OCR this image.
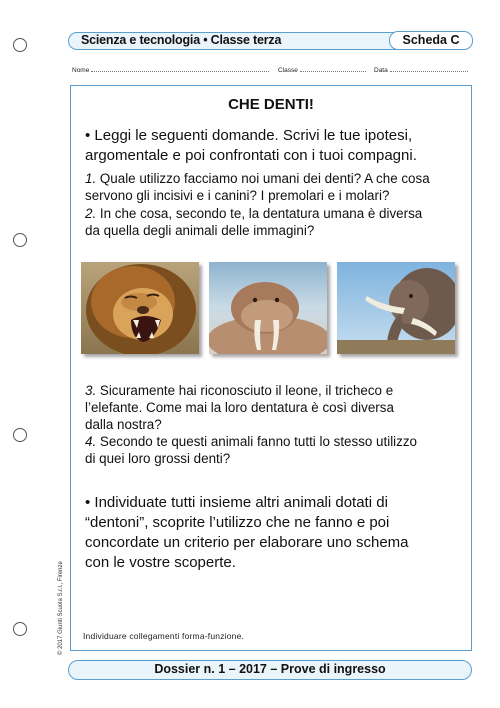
Scienza e tecnologia • Classe terza	Scheda C
Nome	Classe	Data
CHE DENTI!
• Leggi le seguenti domande. Scrivi le tue ipotesi,
argomentale e poi confrontati con i tuoi compagni.
1. Quale utilizzo facciamo noi umani dei denti? A che cosa
servono gli incisivi e i canini? I premolari e i molari?
2. In che cosa, secondo te, la dentatura umana è diversa
da quella degli animali delle immagini?
3. Sicuramente hai riconosciuto il leone, il tricheco e
l’elefante. Come mai la loro dentatura è così diversa
dalla nostra?
4. Secondo te questi animali fanno tutti lo stesso utilizzo
di quei loro grossi denti?
• Individuate tutti insieme altri animali dotati di
“dentoni”, scoprite l’utilizzo che ne fanno e poi
concordate un criterio per elaborare uno schema
con le vostre scoperte.
Individuare collegamenti forma-funzione.
© 2017 Giunti Scuola S.r.l., Firenze
Dossier n. 1 – 2017 – Prove di ingresso
